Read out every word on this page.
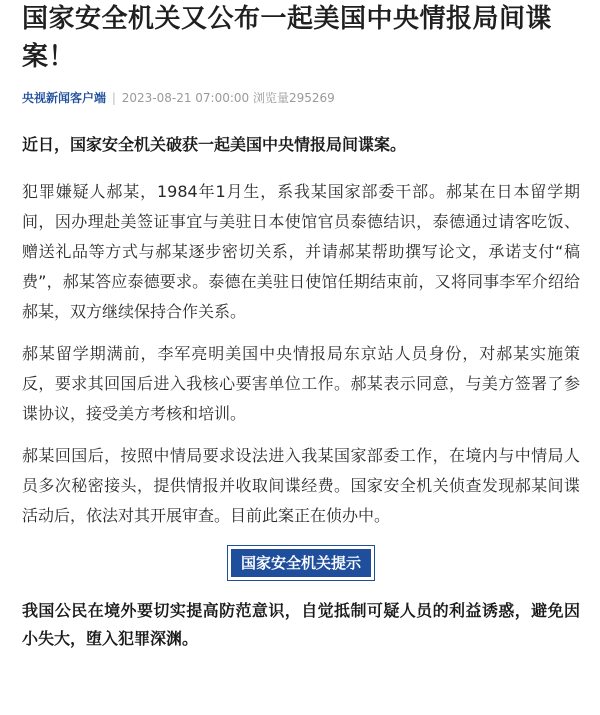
国家安全机关又公布一起美国中央情报局间谍案！
央视新闻客户端 | 2023-08-21 07:00:00 浏览量295269

近日，国家安全机关破获一起美国中央情报局间谍案。

犯罪嫌疑人郝某，1984年1月生，系我某国家部委干部。郝某在日本留学期间，因办理赴美签证事宜与美驻日本使馆官员泰德结识，泰德通过请客吃饭、赠送礼品等方式与郝某逐步密切关系，并请郝某帮助撰写论文，承诺支付“稿费”，郝某答应泰德要求。泰德在美驻日使馆任期结束前，又将同事李军介绍给郝某，双方继续保持合作关系。

郝某留学期满前，李军亮明美国中央情报局东京站人员身份，对郝某实施策反，要求其回国后进入我核心要害单位工作。郝某表示同意，与美方签署了参谍协议，接受美方考核和培训。

郝某回国后，按照中情局要求设法进入我某国家部委工作，在境内与中情局人员多次秘密接头，提供情报并收取间谍经费。国家安全机关侦查发现郝某间谍活动后，依法对其开展审查。目前此案正在侦办中。

国家安全机关提示

我国公民在境外要切实提高防范意识，自觉抵制可疑人员的利益诱惑，避免因小失大，堕入犯罪深渊。
